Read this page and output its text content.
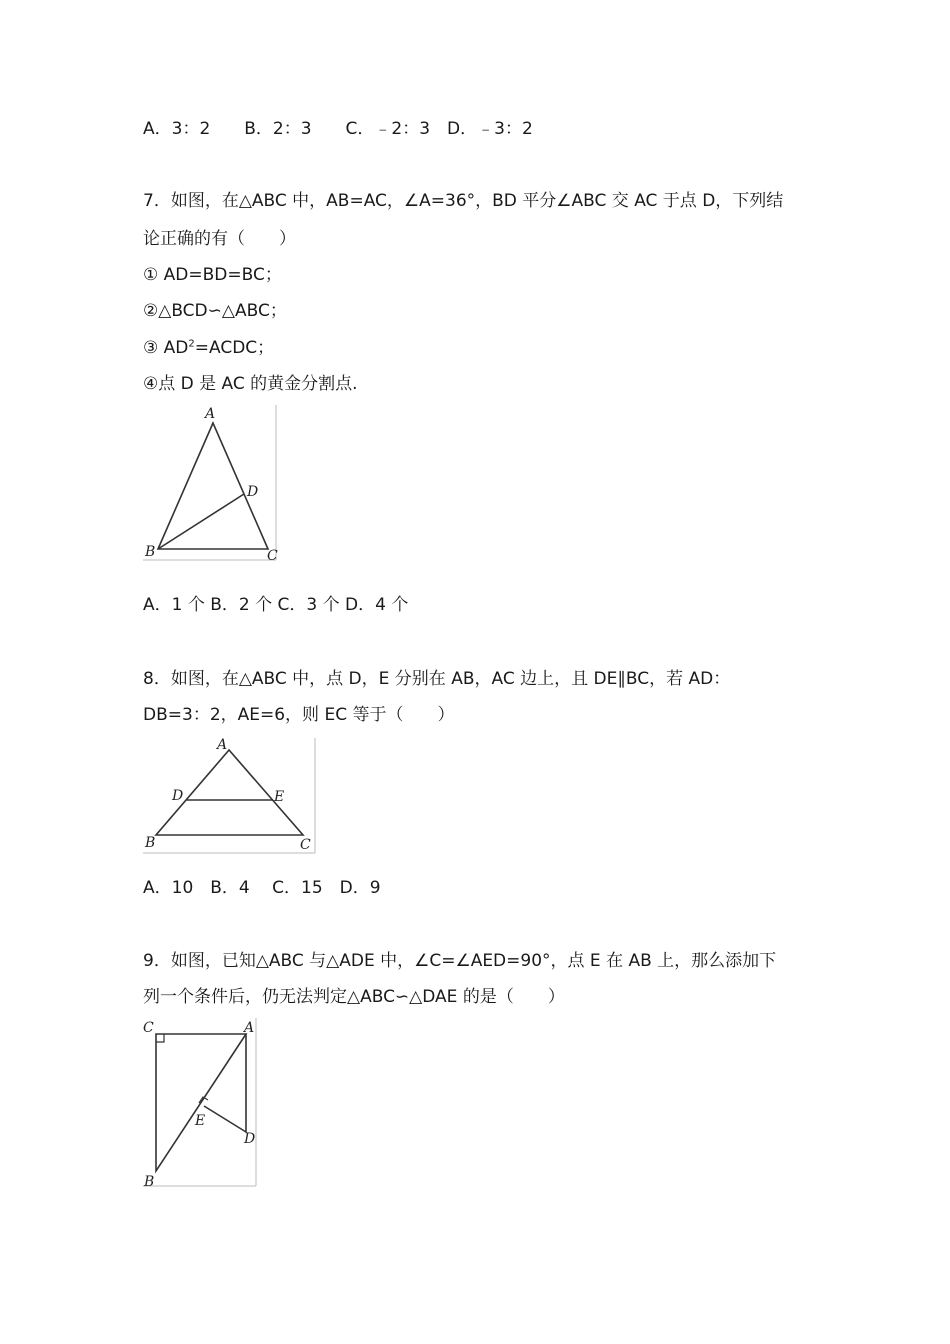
A．3：2　　B．2：3　　C．﹣2：3　D．﹣3：2
7．如图，在△ABC 中，AB=AC，∠A=36°，BD 平分∠ABC 交 AC 于点 D，下列结
论正确的有（　　）
① AD=BD=BC；
②△BCD∽△ABC；
③ $AD^2=ACDC$；
④点 D 是 AC 的黄金分割点.
A
B	C
D
A．1 个 B．2 个 C．3 个 D．4 个
8．如图，在△ABC 中，点 D，E 分别在 AB，AC 边上，且 DE∥BC，若 AD：
DB=3：2，AE=6，则 EC 等于（　　）
A
D	E
B	C
A．10　B．4　 C．15　D．9
9．如图，已知△ABC 与△ADE 中，∠C=∠AED=90°，点 E 在 AB 上，那么添加下
列一个条件后，仍无法判定△ABC∽△DAE 的是（　　）
C	A
E
D
B
